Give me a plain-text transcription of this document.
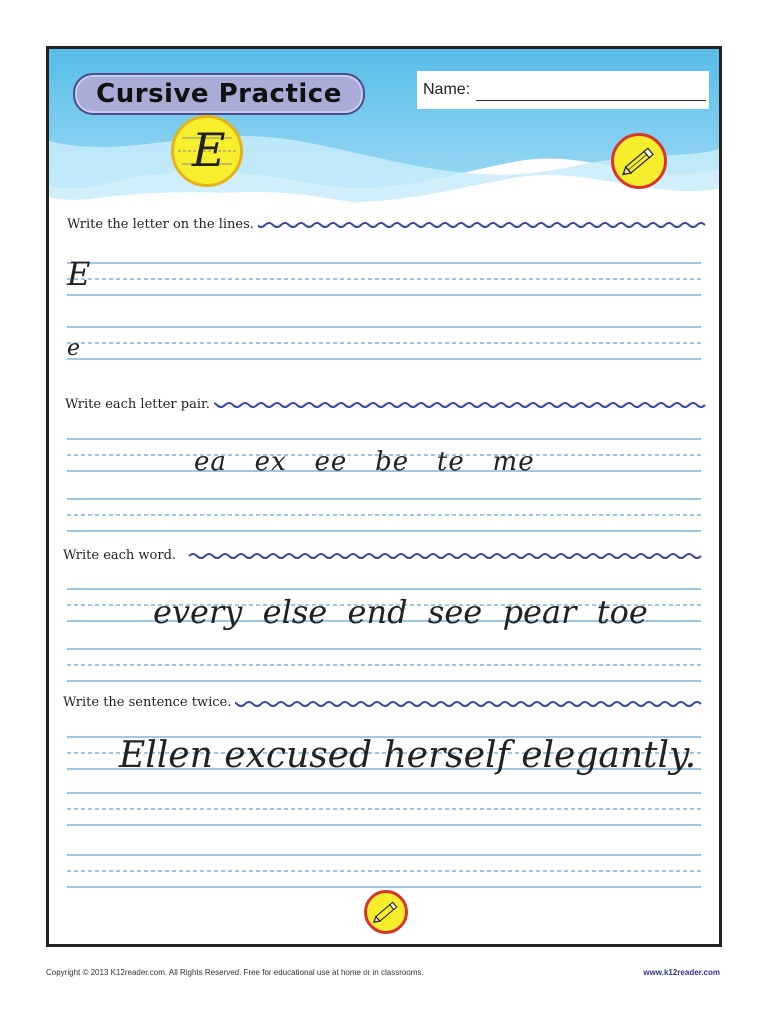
Cursive Practice	Name:
E
Write the letter on the lines.
E
e
Write each letter pair.
ea   ex   ee   be   te   me
Write each word.
every  else  end  see  pear  toe
Write the sentence twice.
Ellen excused herself elegantly.
Copyright © 2013 K12reader.com. All Rights Reserved. Free for educational use at home or in classrooms.	www.k12reader.com
